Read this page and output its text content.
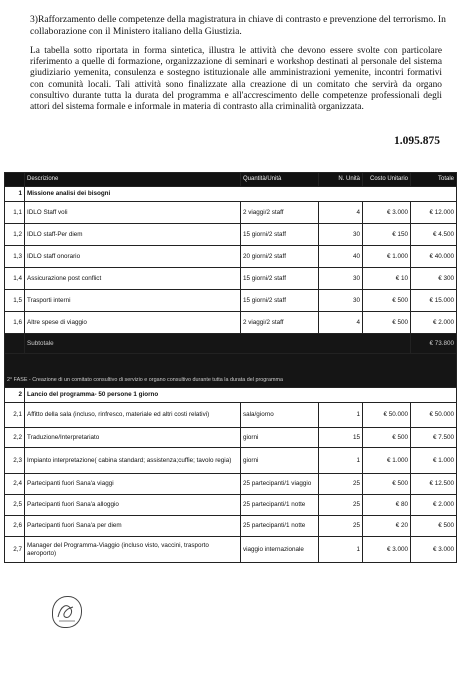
3)Rafforzamento delle competenze della magistratura in chiave di contrasto e prevenzione del terrorismo. In collaborazione con il Ministero italiano della Giustizia.
La tabella sotto riportata in forma sintetica, illustra le attività che devono essere svolte con particolare riferimento a quelle di formazione, organizzazione di seminari e workshop destinati al personale del sistema giudiziario yemenita, consulenza e sostegno istituzionale alle amministrazioni yemenite, incontri formativi con comunità locali. Tali attività sono finalizzate alla creazione di un comitato che servirà da organo consultivo durante tutta la durata del programma e all'accrescimento delle competenze professionali degli attori del sistema formale e informale in materia di contrasto alla criminalità organizzata.
1.095.875
	Descrizione	Quantità/Unità	N. Unità	Costo Unitario	Totale
1	Missione analisi dei bisogni				
1,1	IDLO Staff voli	2 viaggi/2 staff	4	€ 3.000	€ 12.000
1,2	IDLO staff-Per diem	15 giorni/2 staff	30	€ 150	€ 4.500
1,3	IDLO staff onorario	20 giorni/2 staff	40	€ 1.000	€ 40.000
1,4	Assicurazione post conflict	15 giorni/2 staff	30	€ 10	€ 300
1,5	Trasporti interni	15 giorni/2 staff	30	€ 500	€ 15.000
1,6	Altre spese di viaggio	2 viaggi/2 staff	4	€ 500	€ 2.000
	Subtotale				€ 73.800
2° FASE - Creazione di un comitato consultivo di servizio e organo consultivo durante tutta la durata del programma					
2	Lancio del programma- 50 persone 1 giorno				
2,1	Affitto della sala (incluso, rinfresco, materiale ed altri costi relativi)	sala/giorno	1	€ 50.000	€ 50.000
2,2	Traduzione/Interpretariato	giorni	15	€ 500	€ 7.500
2,3	Impianto interpretazione( cabina standard; assistenza;cuffie; tavolo regia)	giorni	1	€ 1.000	€ 1.000
2,4	Partecipanti fuori Sana'a viaggi	25 partecipanti/1 viaggio	25	€ 500	€ 12.500
2,5	Partecipanti fuori Sana'a alloggio	25 partecipanti/1 notte	25	€ 80	€ 2.000
2,6	Partecipanti fuori Sana'a per diem	25 partecipanti/1 notte	25	€ 20	€ 500
2,7	Manager del Programma-Viaggio (incluso visto, vaccini, trasporto aeroporto)	viaggio internazionale	1	€ 3.000	€ 3.000
